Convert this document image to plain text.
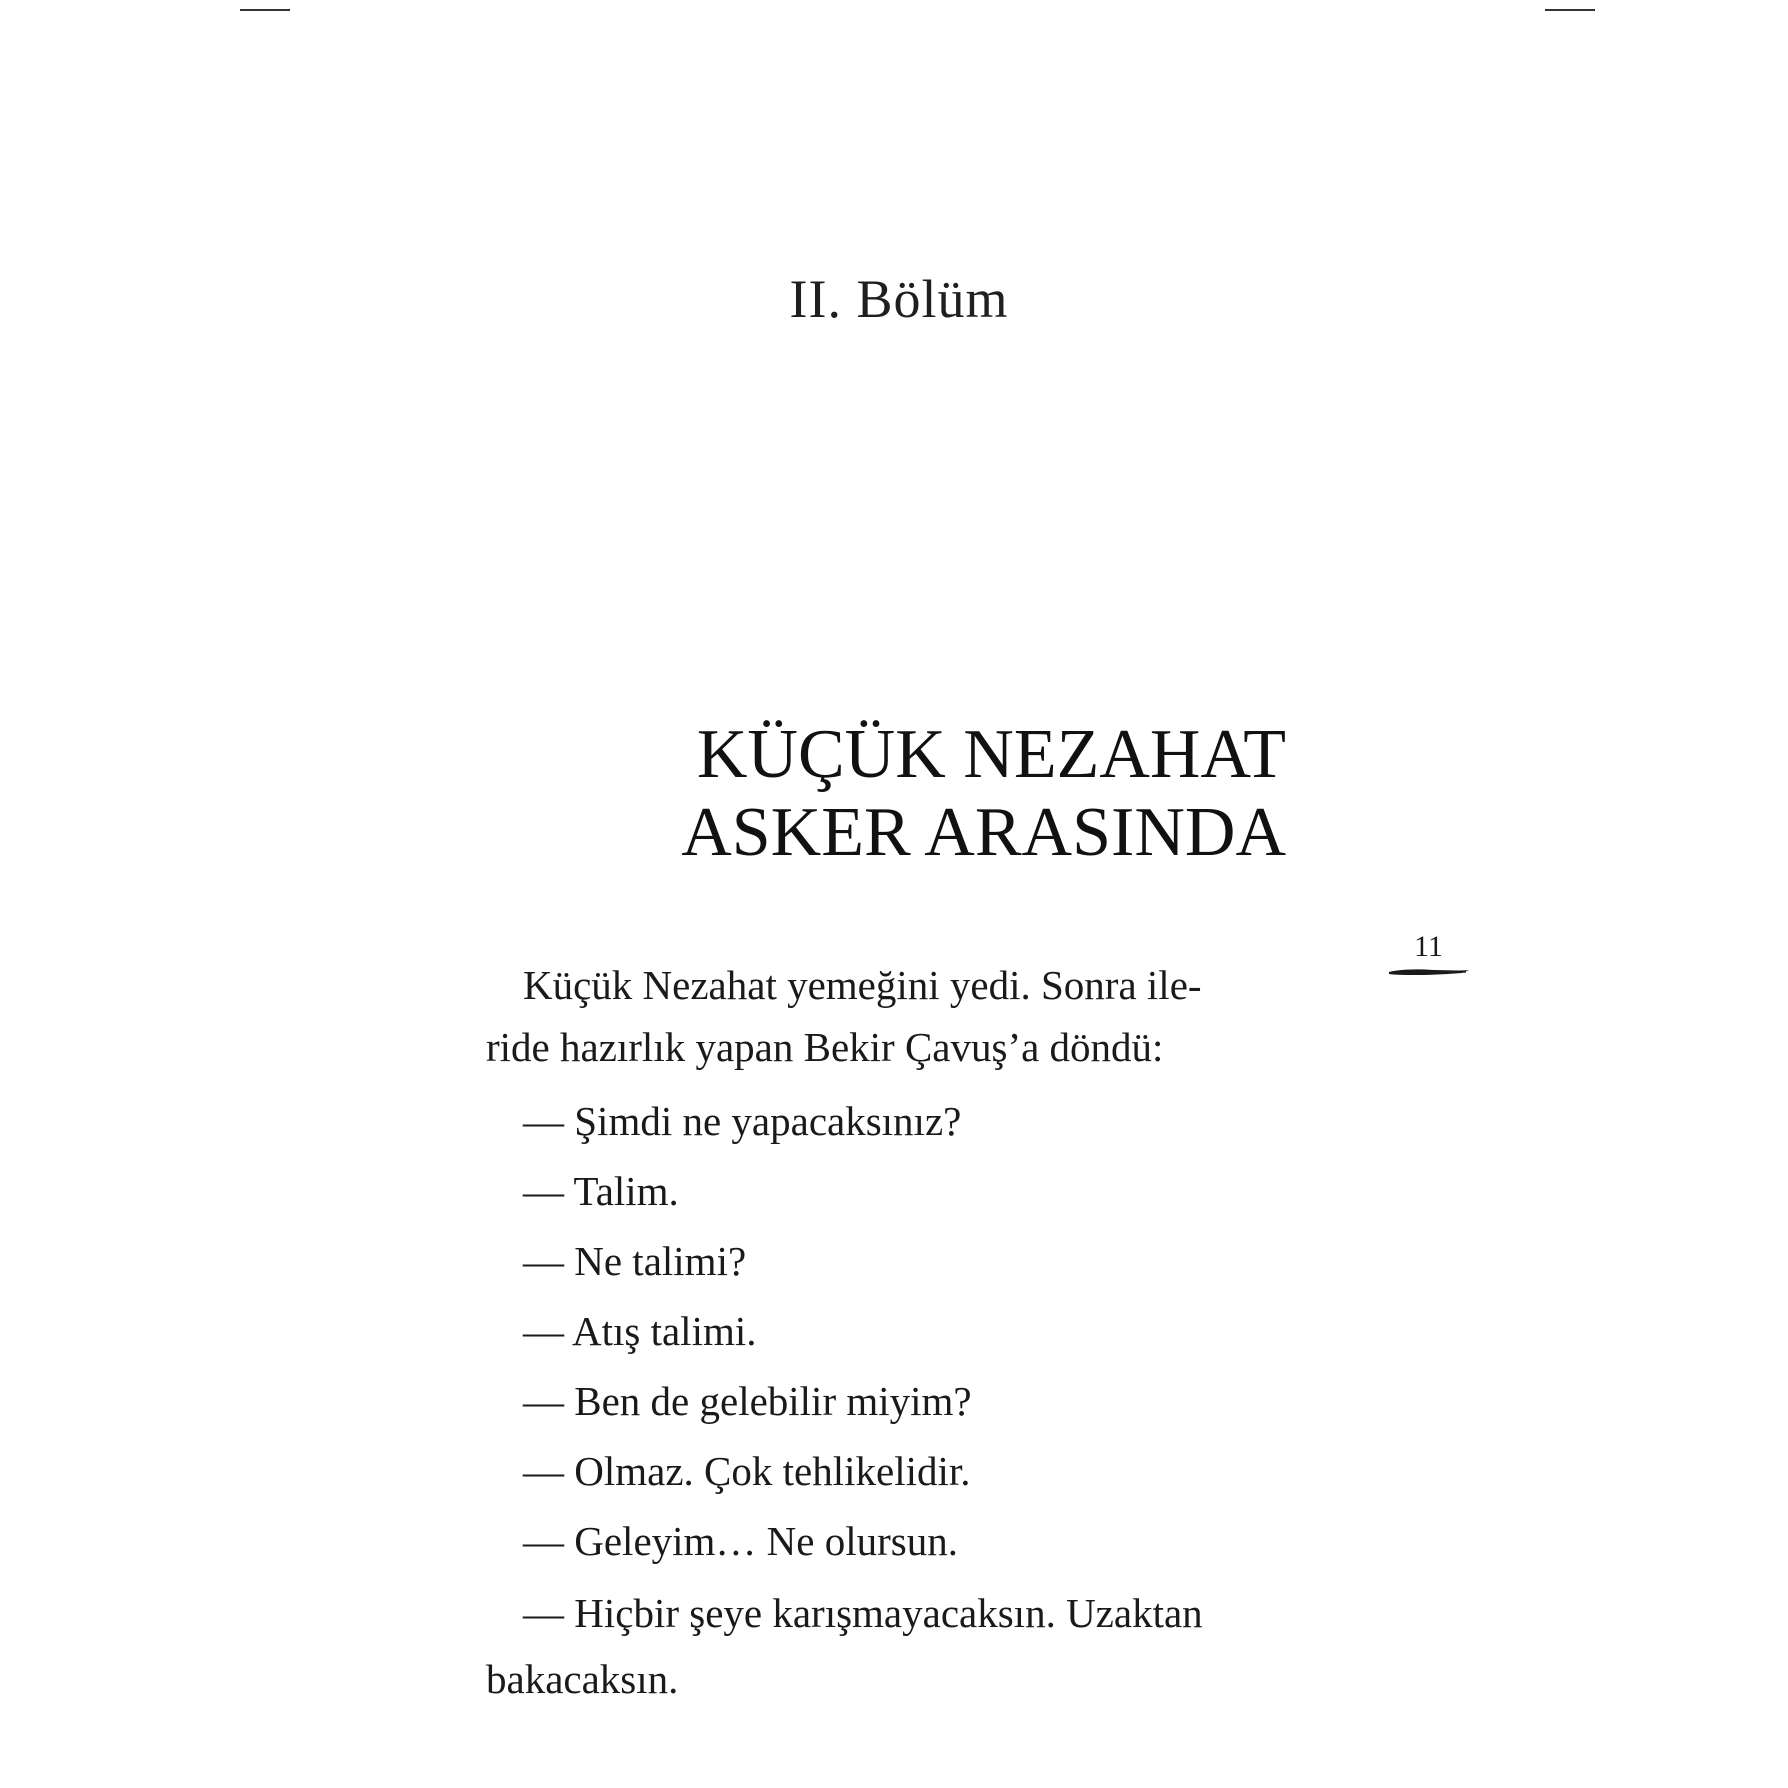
II. Bölüm
KÜÇÜK NEZAHAT
ASKER ARASINDA
11

Küçük Nezahat yemeğini yedi. Sonra ile-
ride hazırlık yapan Bekir Çavuş’a döndü:

— Şimdi ne yapacaksınız?

— Talim.

— Ne talimi?

— Atış talimi.

— Ben de gelebilir miyim?

— Olmaz. Çok tehlikelidir.

— Geleyim… Ne olursun.

— Hiçbir şeye karışmayacaksın. Uzaktan
bakacaksın.
